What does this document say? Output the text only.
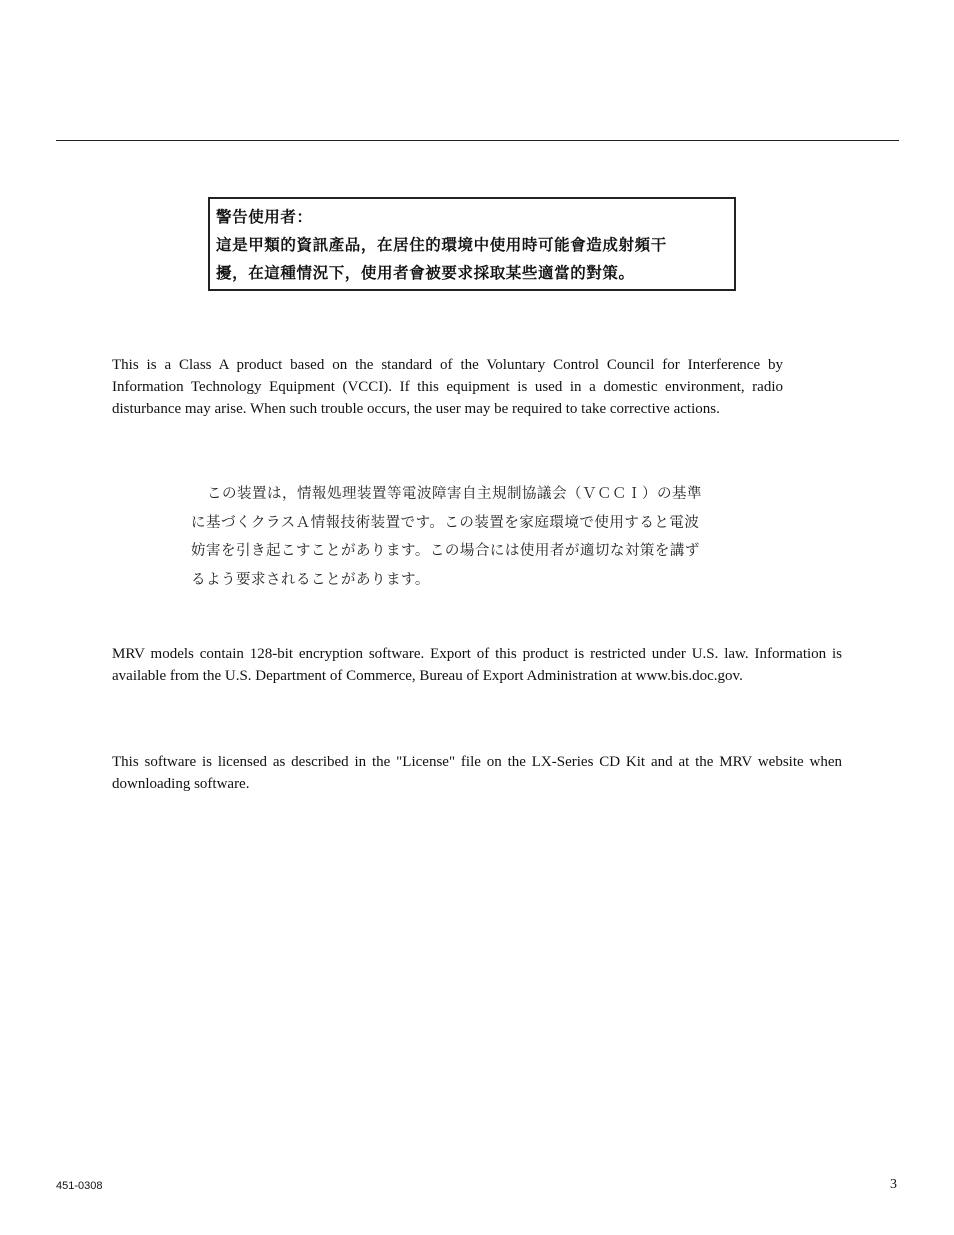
警告使用者：
這是甲類的資訊產品，在居住的環境中使用時可能會造成射頻干
擾，在這種情況下，使用者會被要求採取某些適當的對策。

This is a Class A product based on the standard of the Voluntary Control Council for Interference by Information Technology Equipment (VCCI). If this equipment is used in a domestic environment, radio disturbance may arise. When such trouble occurs, the user may be required to take corrective actions.

この装置は，情報処理装置等電波障害自主規制協議会（ＶＣＣＩ）の基準
に基づくクラスＡ情報技術装置です。この装置を家庭環境で使用すると電波
妨害を引き起こすことがあります。この場合には使用者が適切な対策を講ず
るよう要求されることがあります。

MRV models contain 128-bit encryption software. Export of this product is restricted under U.S. law. Information is available from the U.S. Department of Commerce, Bureau of Export Administration at www.bis.doc.gov.

This software is licensed as described in the "License" file on the LX-Series CD Kit and at the MRV website when downloading software.

451-0308	3
